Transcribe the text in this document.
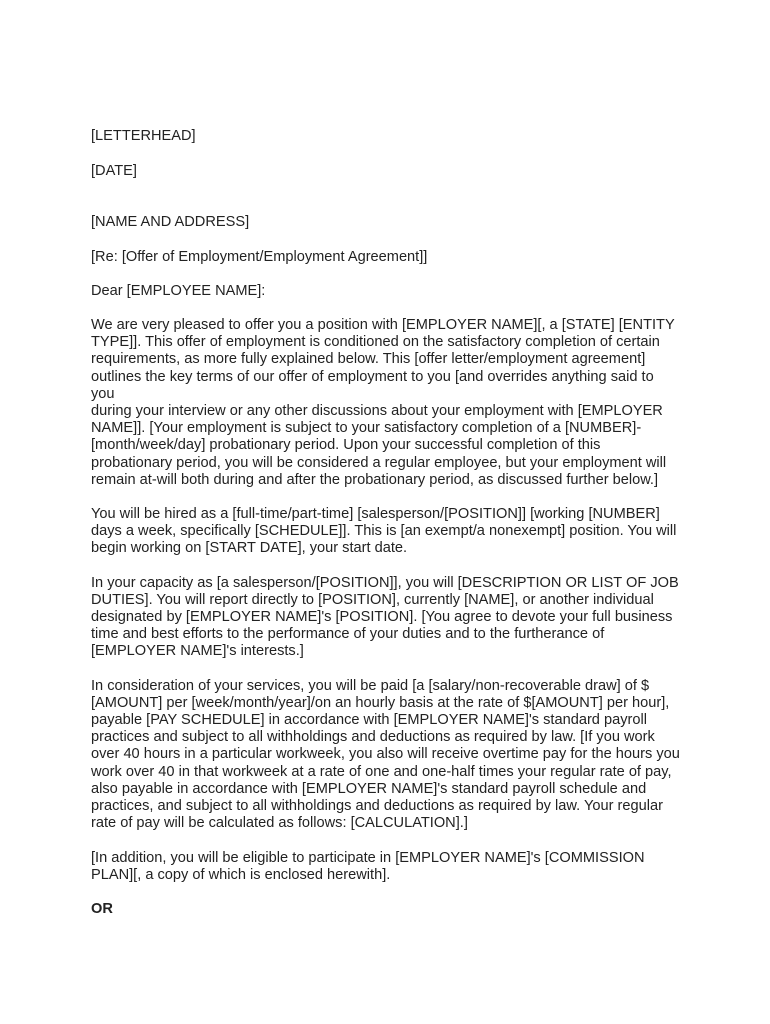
[LETTERHEAD]

[DATE]

[NAME AND ADDRESS]

[Re: [Offer of Employment/Employment Agreement]]

Dear [EMPLOYEE NAME]:

We are very pleased to offer you a position with [EMPLOYER NAME][, a [STATE] [ENTITY
TYPE]]. This offer of employment is conditioned on the satisfactory completion of certain
requirements, as more fully explained below. This [offer letter/employment agreement]
outlines the key terms of our offer of employment to you [and overrides anything said to you
during your interview or any other discussions about your employment with [EMPLOYER
NAME]]. [Your employment is subject to your satisfactory completion of a [NUMBER]-
[month/week/day] probationary period. Upon your successful completion of this
probationary period, you will be considered a regular employee, but your employment will
remain at-will both during and after the probationary period, as discussed further below.]

You will be hired as a [full-time/part-time] [salesperson/[POSITION]] [working [NUMBER]
days a week, specifically [SCHEDULE]]. This is [an exempt/a nonexempt] position. You will
begin working on [START DATE], your start date.

In your capacity as [a salesperson/[POSITION]], you will [DESCRIPTION OR LIST OF JOB
DUTIES]. You will report directly to [POSITION], currently [NAME], or another individual
designated by [EMPLOYER NAME]'s [POSITION]. [You agree to devote your full business
time and best efforts to the performance of your duties and to the furtherance of
[EMPLOYER NAME]'s interests.]

In consideration of your services, you will be paid [a [salary/non-recoverable draw] of $
[AMOUNT] per [week/month/year]/on an hourly basis at the rate of $[AMOUNT] per hour],
payable [PAY SCHEDULE] in accordance with [EMPLOYER NAME]'s standard payroll
practices and subject to all withholdings and deductions as required by law. [If you work
over 40 hours in a particular workweek, you also will receive overtime pay for the hours you
work over 40 in that workweek at a rate of one and one-half times your regular rate of pay,
also payable in accordance with [EMPLOYER NAME]'s standard payroll schedule and
practices, and subject to all withholdings and deductions as required by law. Your regular
rate of pay will be calculated as follows: [CALCULATION].]

[In addition, you will be eligible to participate in [EMPLOYER NAME]'s [COMMISSION
PLAN][, a copy of which is enclosed herewith].

OR
